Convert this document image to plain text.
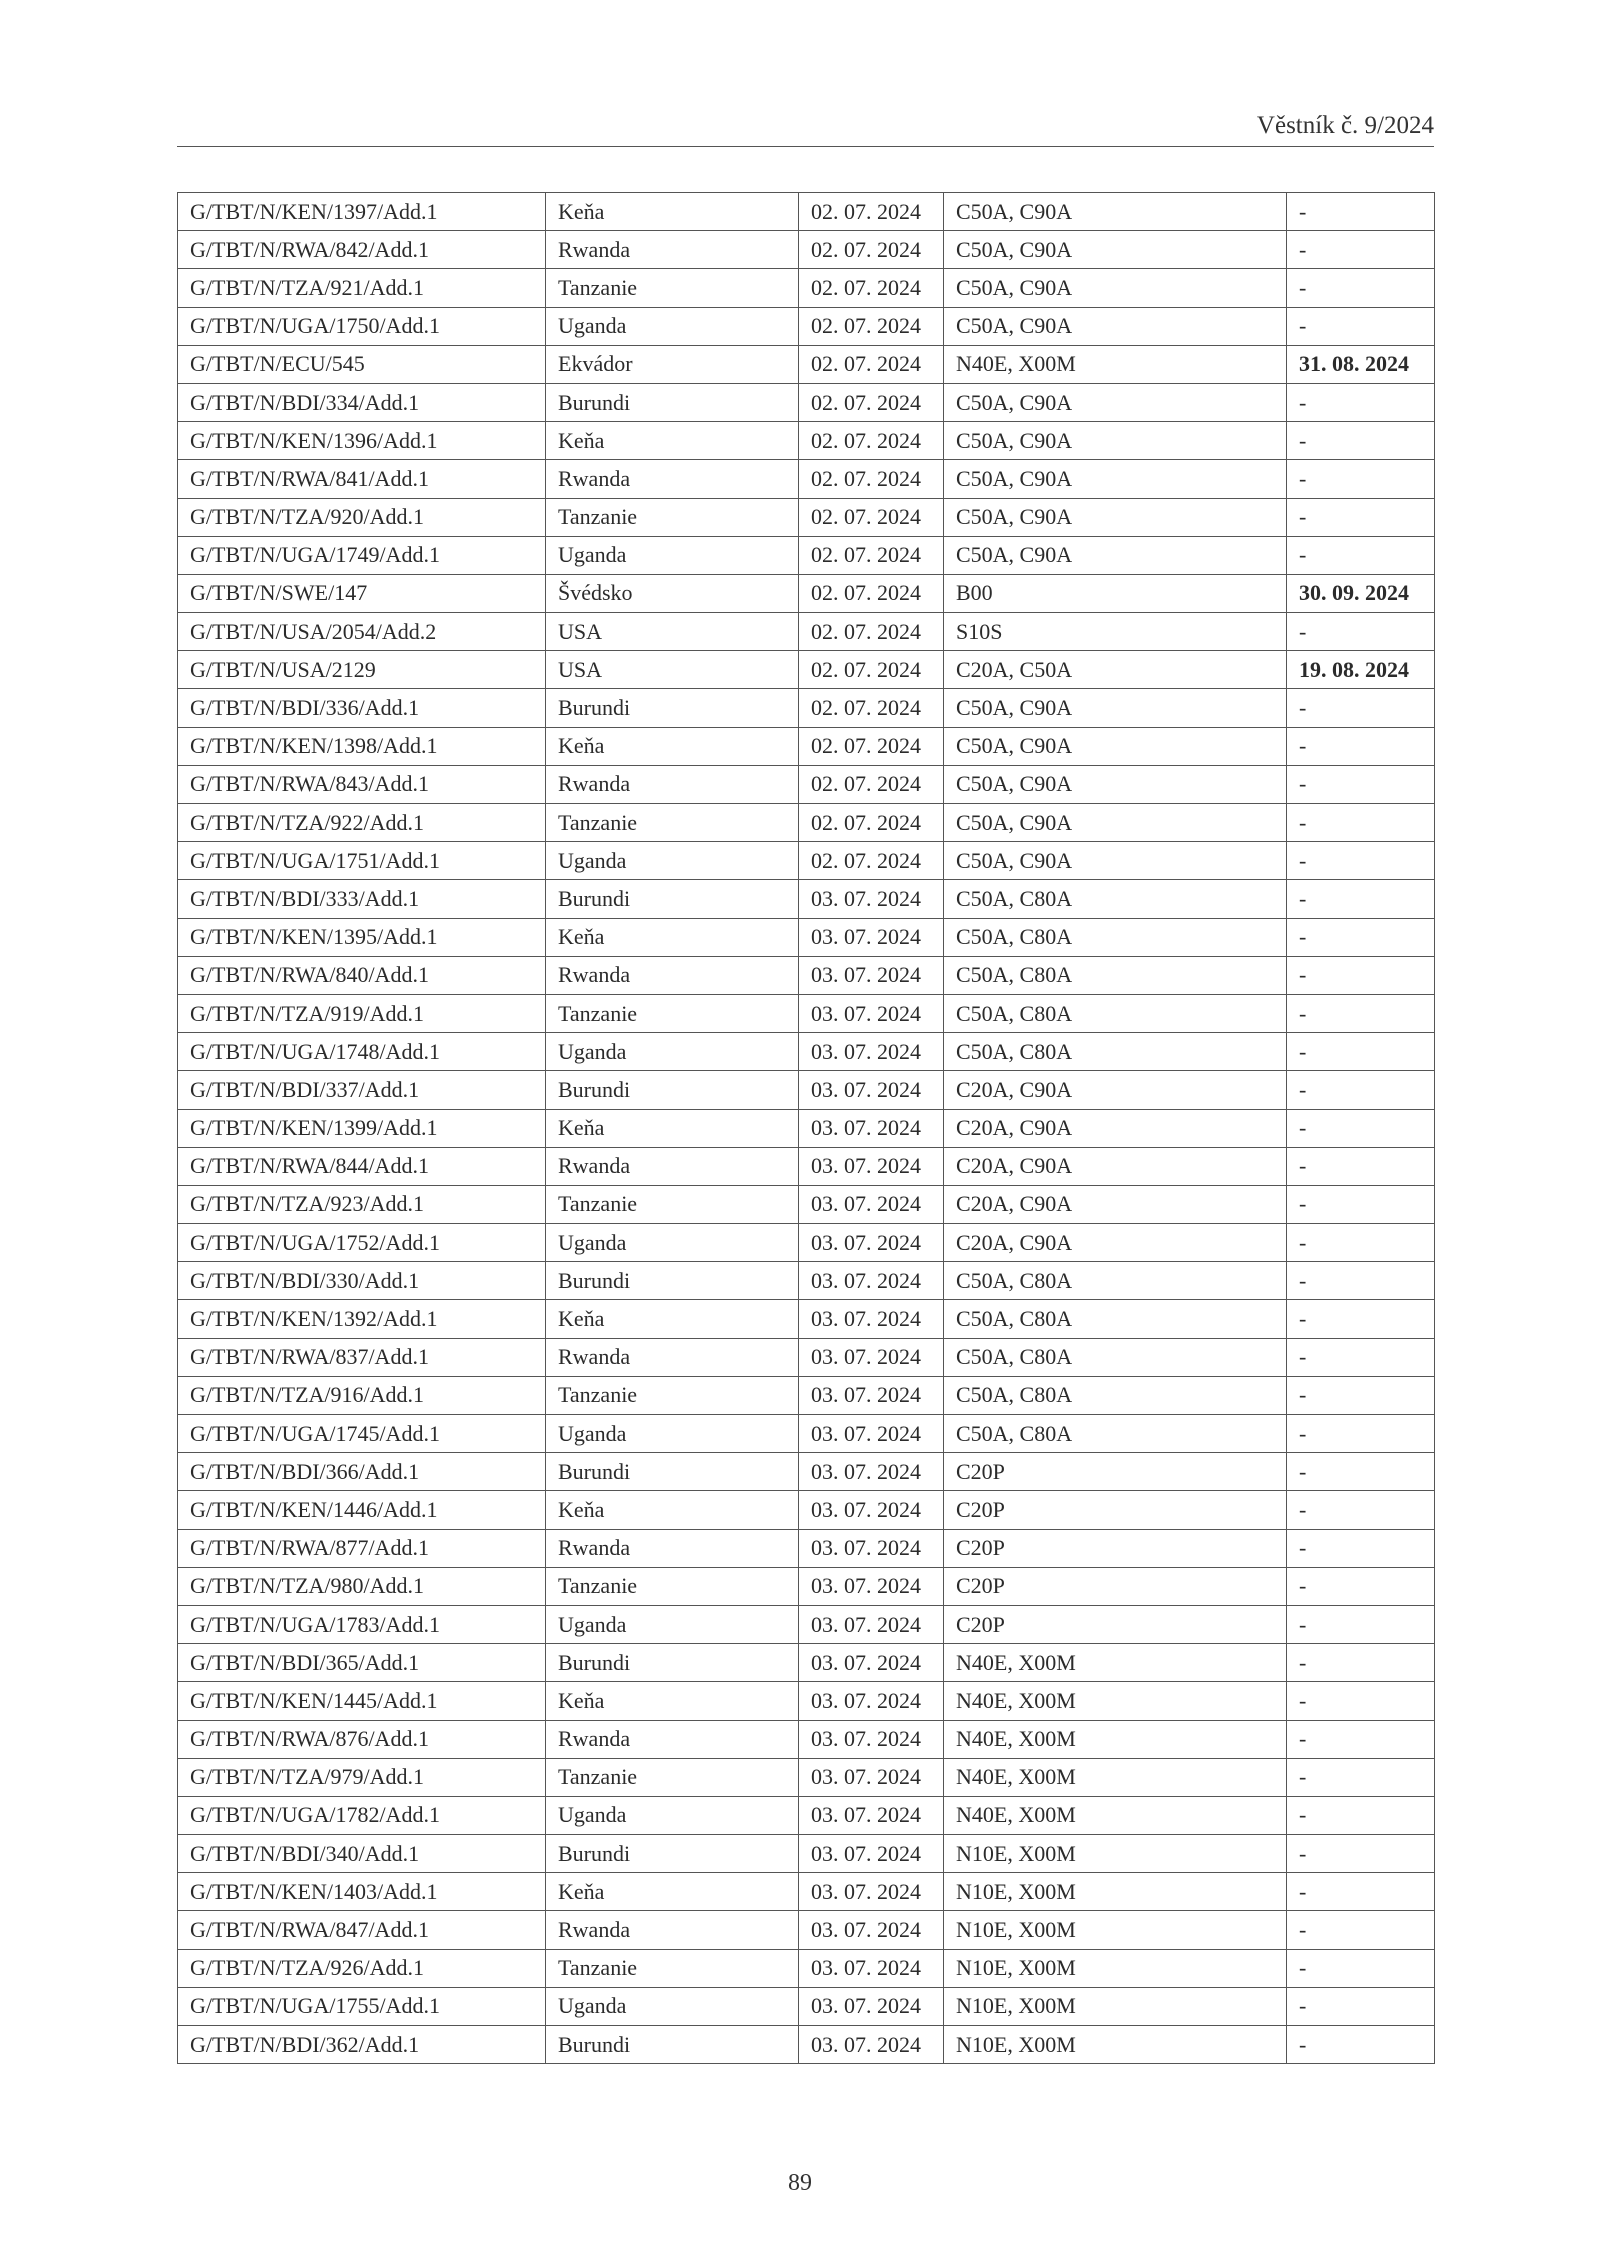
Věstník č. 9/2024
G/TBT/N/KEN/1397/Add.1	Keňa	02. 07. 2024	C50A, C90A	-
G/TBT/N/RWA/842/Add.1	Rwanda	02. 07. 2024	C50A, C90A	-
G/TBT/N/TZA/921/Add.1	Tanzanie	02. 07. 2024	C50A, C90A	-
G/TBT/N/UGA/1750/Add.1	Uganda	02. 07. 2024	C50A, C90A	-
G/TBT/N/ECU/545	Ekvádor	02. 07. 2024	N40E, X00M	31. 08. 2024
G/TBT/N/BDI/334/Add.1	Burundi	02. 07. 2024	C50A, C90A	-
G/TBT/N/KEN/1396/Add.1	Keňa	02. 07. 2024	C50A, C90A	-
G/TBT/N/RWA/841/Add.1	Rwanda	02. 07. 2024	C50A, C90A	-
G/TBT/N/TZA/920/Add.1	Tanzanie	02. 07. 2024	C50A, C90A	-
G/TBT/N/UGA/1749/Add.1	Uganda	02. 07. 2024	C50A, C90A	-
G/TBT/N/SWE/147	Švédsko	02. 07. 2024	B00	30. 09. 2024
G/TBT/N/USA/2054/Add.2	USA	02. 07. 2024	S10S	-
G/TBT/N/USA/2129	USA	02. 07. 2024	C20A, C50A	19. 08. 2024
G/TBT/N/BDI/336/Add.1	Burundi	02. 07. 2024	C50A, C90A	-
G/TBT/N/KEN/1398/Add.1	Keňa	02. 07. 2024	C50A, C90A	-
G/TBT/N/RWA/843/Add.1	Rwanda	02. 07. 2024	C50A, C90A	-
G/TBT/N/TZA/922/Add.1	Tanzanie	02. 07. 2024	C50A, C90A	-
G/TBT/N/UGA/1751/Add.1	Uganda	02. 07. 2024	C50A, C90A	-
G/TBT/N/BDI/333/Add.1	Burundi	03. 07. 2024	C50A, C80A	-
G/TBT/N/KEN/1395/Add.1	Keňa	03. 07. 2024	C50A, C80A	-
G/TBT/N/RWA/840/Add.1	Rwanda	03. 07. 2024	C50A, C80A	-
G/TBT/N/TZA/919/Add.1	Tanzanie	03. 07. 2024	C50A, C80A	-
G/TBT/N/UGA/1748/Add.1	Uganda	03. 07. 2024	C50A, C80A	-
G/TBT/N/BDI/337/Add.1	Burundi	03. 07. 2024	C20A, C90A	-
G/TBT/N/KEN/1399/Add.1	Keňa	03. 07. 2024	C20A, C90A	-
G/TBT/N/RWA/844/Add.1	Rwanda	03. 07. 2024	C20A, C90A	-
G/TBT/N/TZA/923/Add.1	Tanzanie	03. 07. 2024	C20A, C90A	-
G/TBT/N/UGA/1752/Add.1	Uganda	03. 07. 2024	C20A, C90A	-
G/TBT/N/BDI/330/Add.1	Burundi	03. 07. 2024	C50A, C80A	-
G/TBT/N/KEN/1392/Add.1	Keňa	03. 07. 2024	C50A, C80A	-
G/TBT/N/RWA/837/Add.1	Rwanda	03. 07. 2024	C50A, C80A	-
G/TBT/N/TZA/916/Add.1	Tanzanie	03. 07. 2024	C50A, C80A	-
G/TBT/N/UGA/1745/Add.1	Uganda	03. 07. 2024	C50A, C80A	-
G/TBT/N/BDI/366/Add.1	Burundi	03. 07. 2024	C20P	-
G/TBT/N/KEN/1446/Add.1	Keňa	03. 07. 2024	C20P	-
G/TBT/N/RWA/877/Add.1	Rwanda	03. 07. 2024	C20P	-
G/TBT/N/TZA/980/Add.1	Tanzanie	03. 07. 2024	C20P	-
G/TBT/N/UGA/1783/Add.1	Uganda	03. 07. 2024	C20P	-
G/TBT/N/BDI/365/Add.1	Burundi	03. 07. 2024	N40E, X00M	-
G/TBT/N/KEN/1445/Add.1	Keňa	03. 07. 2024	N40E, X00M	-
G/TBT/N/RWA/876/Add.1	Rwanda	03. 07. 2024	N40E, X00M	-
G/TBT/N/TZA/979/Add.1	Tanzanie	03. 07. 2024	N40E, X00M	-
G/TBT/N/UGA/1782/Add.1	Uganda	03. 07. 2024	N40E, X00M	-
G/TBT/N/BDI/340/Add.1	Burundi	03. 07. 2024	N10E, X00M	-
G/TBT/N/KEN/1403/Add.1	Keňa	03. 07. 2024	N10E, X00M	-
G/TBT/N/RWA/847/Add.1	Rwanda	03. 07. 2024	N10E, X00M	-
G/TBT/N/TZA/926/Add.1	Tanzanie	03. 07. 2024	N10E, X00M	-
G/TBT/N/UGA/1755/Add.1	Uganda	03. 07. 2024	N10E, X00M	-
G/TBT/N/BDI/362/Add.1	Burundi	03. 07. 2024	N10E, X00M	-
89
